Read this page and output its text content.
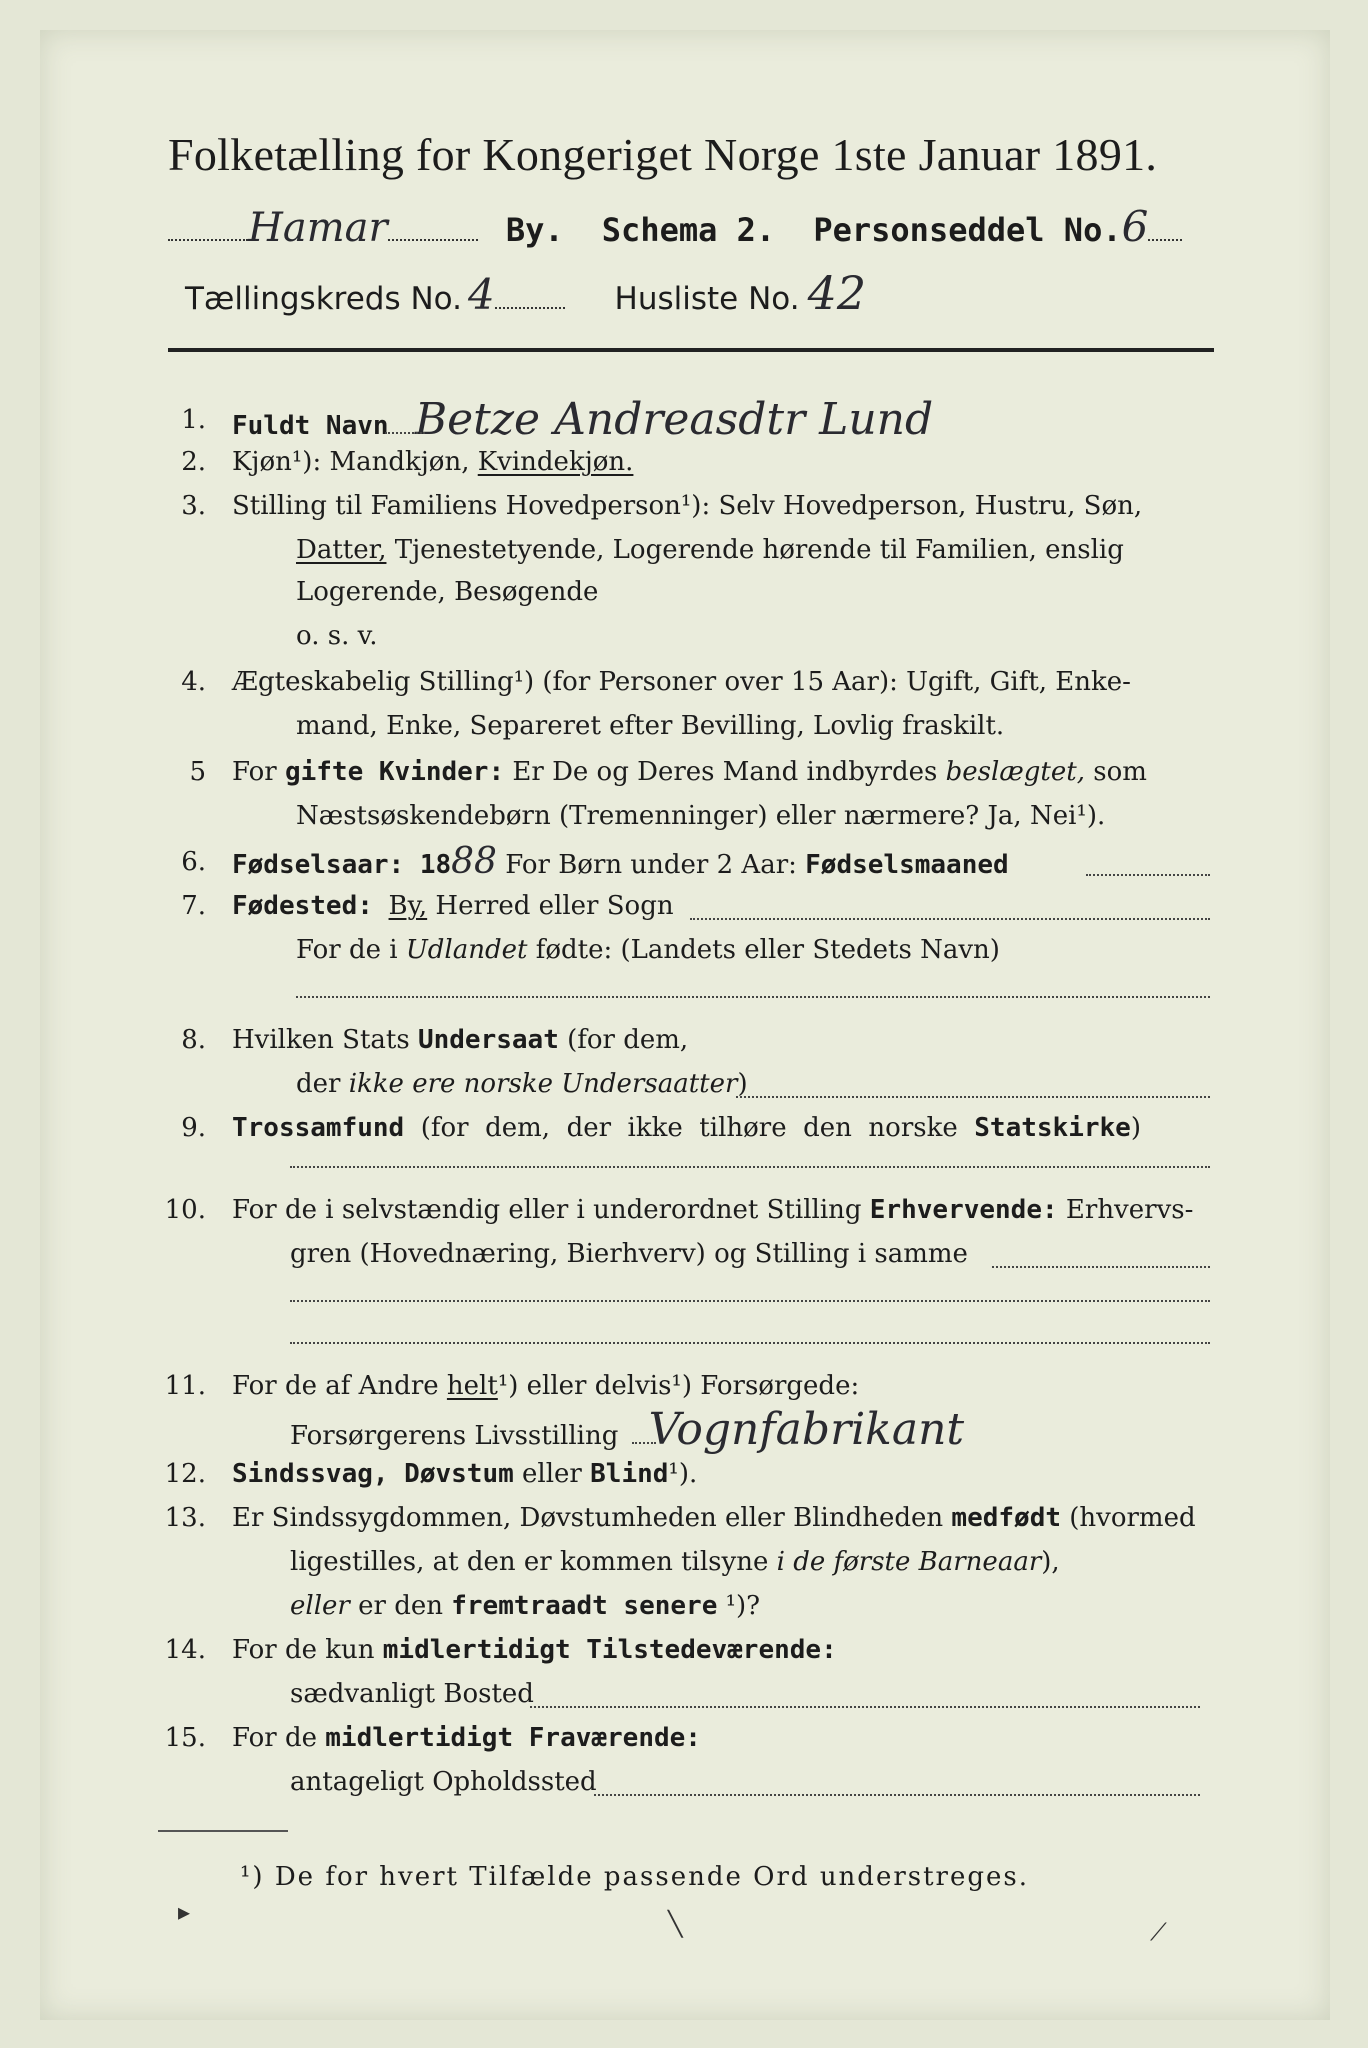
Folketælling for Kongeriget Norge 1ste Januar 1891.
Hamar	By. Schema 2. Personseddel No.6
Tællingskreds No. 4	Husliste No. 42
1. Fuldt Navn Betze Andreasdtr Lund
2. Kjøn¹): Mandkjøn, Kvindekjøn.
3. Stilling til Familiens Hovedperson¹): Selv Hovedperson, Hustru, Søn,
Datter, Tjenestetyende, Logerende hørende til Familien, enslig
Logerende, Besøgende
o. s. v.
4. Ægteskabelig Stilling¹) (for Personer over 15 Aar): Ugift, Gift, Enke-
mand, Enke, Separeret efter Bevilling, Lovlig fraskilt.
5 For gifte Kvinder: Er De og Deres Mand indbyrdes beslægtet, som
Næstsøskendebørn (Tremenninger) eller nærmere? Ja, Nei¹).
6. Fødselsaar: 1888 For Børn under 2 Aar: Fødselsmaaned
7. Fødested: By, Herred eller Sogn
For de i Udlandet fødte: (Landets eller Stedets Navn)
8. Hvilken Stats Undersaat (for dem,
der ikke ere norske Undersaatter)
9. Trossamfund  (for  dem,  der  ikke  tilhøre  den  norske  Statskirke)
10. For de i selvstændig eller i underordnet Stilling Erhvervende: Erhvervs-
gren (Hovednæring, Bierhverv) og Stilling i samme
11. For de af Andre helt¹) eller delvis¹) Forsørgede:
Forsørgerens Livsstilling Vognfabrikant
12. Sindssvag, Døvstum eller Blind¹).
13. Er Sindssygdommen, Døvstumheden eller Blindheden medfødt (hvormed
ligestilles, at den er kommen tilsyne i de første Barneaar),
eller er den fremtraadt senere ¹)?
14. For de kun midlertidigt Tilstedeværende:
sædvanligt Bosted
15. For de midlertidigt Fraværende:
antageligt Opholdssted
¹) De for hvert Tilfælde passende Ord understreges.
▸	╲	⟋
